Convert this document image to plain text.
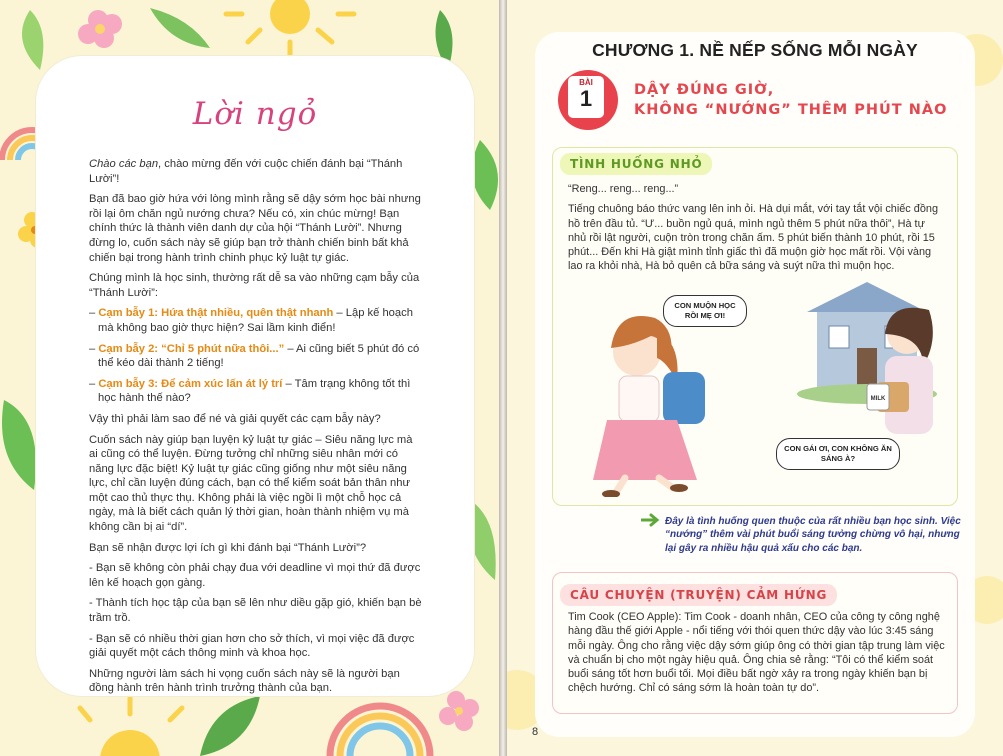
Lời ngỏ

Chào các bạn, chào mừng đến với cuộc chiến đánh bại “Thánh Lười”!

Bạn đã bao giờ hứa với lòng mình rằng sẽ dậy sớm học bài nhưng rồi lại ôm chăn ngủ nướng chưa? Nếu có, xin chúc mừng! Bạn chính thức là thành viên danh dự của hội “Thánh Lười”. Nhưng đừng lo, cuốn sách này sẽ giúp bạn trở thành chiến binh bất khả chiến bại trong hành trình chinh phục kỷ luật tự giác.

Chúng mình là học sinh, thường rất dễ sa vào những cạm bẫy của “Thánh Lười”:

– Cạm bẫy 1: Hứa thật nhiều, quên thật nhanh – Lập kế hoạch mà không bao giờ thực hiện? Sai lầm kinh điển!

– Cạm bẫy 2: “Chỉ 5 phút nữa thôi...” – Ai cũng biết 5 phút đó có thể kéo dài thành 2 tiếng!

– Cạm bẫy 3: Để cảm xúc lấn át lý trí – Tâm trạng không tốt thì học hành thế nào?

Vậy thì phải làm sao để né và giải quyết các cạm bẫy này?

Cuốn sách này giúp bạn luyện kỷ luật tự giác – Siêu năng lực mà ai cũng có thể luyện. Đừng tưởng chỉ những siêu nhân mới có năng lực đặc biệt! Kỷ luật tự giác cũng giống như một siêu năng lực, chỉ cần luyện đúng cách, bạn có thể kiểm soát bản thân như một cao thủ thực thụ. Không phải là việc ngồi lì một chỗ học cả ngày, mà là biết cách quản lý thời gian, hoàn thành nhiệm vụ mà không cần bị ai “dí”.

Bạn sẽ nhận được lợi ích gì khi đánh bại “Thánh Lười”?

- Bạn sẽ không còn phải chạy đua với deadline vì mọi thứ đã được lên kế hoạch gọn gàng.

- Thành tích học tập của bạn sẽ lên như diều gặp gió, khiến bạn bè trầm trồ.

- Bạn sẽ có nhiều thời gian hơn cho sở thích, vì mọi việc đã được giải quyết một cách thông minh và khoa học.

Những người làm sách hi vọng cuốn sách này sẽ là người bạn đồng hành trên hành trình trưởng thành của bạn.

CHƯƠNG 1. NỀ NẾP SỐNG MỖI NGÀY
BÀI
1	DẬY ĐÚNG GIỜ,
KHÔNG “NƯỚNG” THÊM PHÚT NÀO
TÌNH HUỐNG NHỎ

“Reng... reng... reng...”

Tiếng chuông báo thức vang lên inh ỏi. Hà dụi mắt, với tay tắt vội chiếc đồng hồ trên đầu tủ. “Ư... buồn ngủ quá, mình ngủ thêm 5 phút nữa thôi”, Hà tự nhủ rồi lật người, cuộn tròn trong chăn ấm. 5 phút biến thành 10 phút, rồi 15 phút... Đến khi Hà giật mình tỉnh giấc thì đã muộn giờ học mất rồi. Vội vàng lao ra khỏi nhà, Hà bỏ quên cả bữa sáng và suýt nữa thì muộn học.

MILK
CON MUỘN HỌC RỒI MẸ ƠI!
CON GÁI ƠI, CON KHÔNG ĂN SÁNG À?
Đây là tình huống quen thuộc của rất nhiều bạn học sinh. Việc “nướng” thêm vài phút buổi sáng tưởng chừng vô hại, nhưng lại gây ra nhiều hậu quả xấu cho các bạn.
CÂU CHUYỆN (TRUYỆN) CẢM HỨNG
Tim Cook (CEO Apple): Tim Cook - doanh nhân, CEO của công ty công nghệ hàng đầu thế giới Apple - nổi tiếng với thói quen thức dậy vào lúc 3:45 sáng mỗi ngày. Ông cho rằng việc dậy sớm giúp ông có thời gian tập trung làm việc và chuẩn bị cho một ngày hiệu quả. Ông chia sẻ rằng: “Tôi có thể kiểm soát buổi sáng tốt hơn buổi tối. Mọi điều bất ngờ xảy ra trong ngày khiến bạn bị chệch hướng. Chỉ có sáng sớm là hoàn toàn tự do”.
8
